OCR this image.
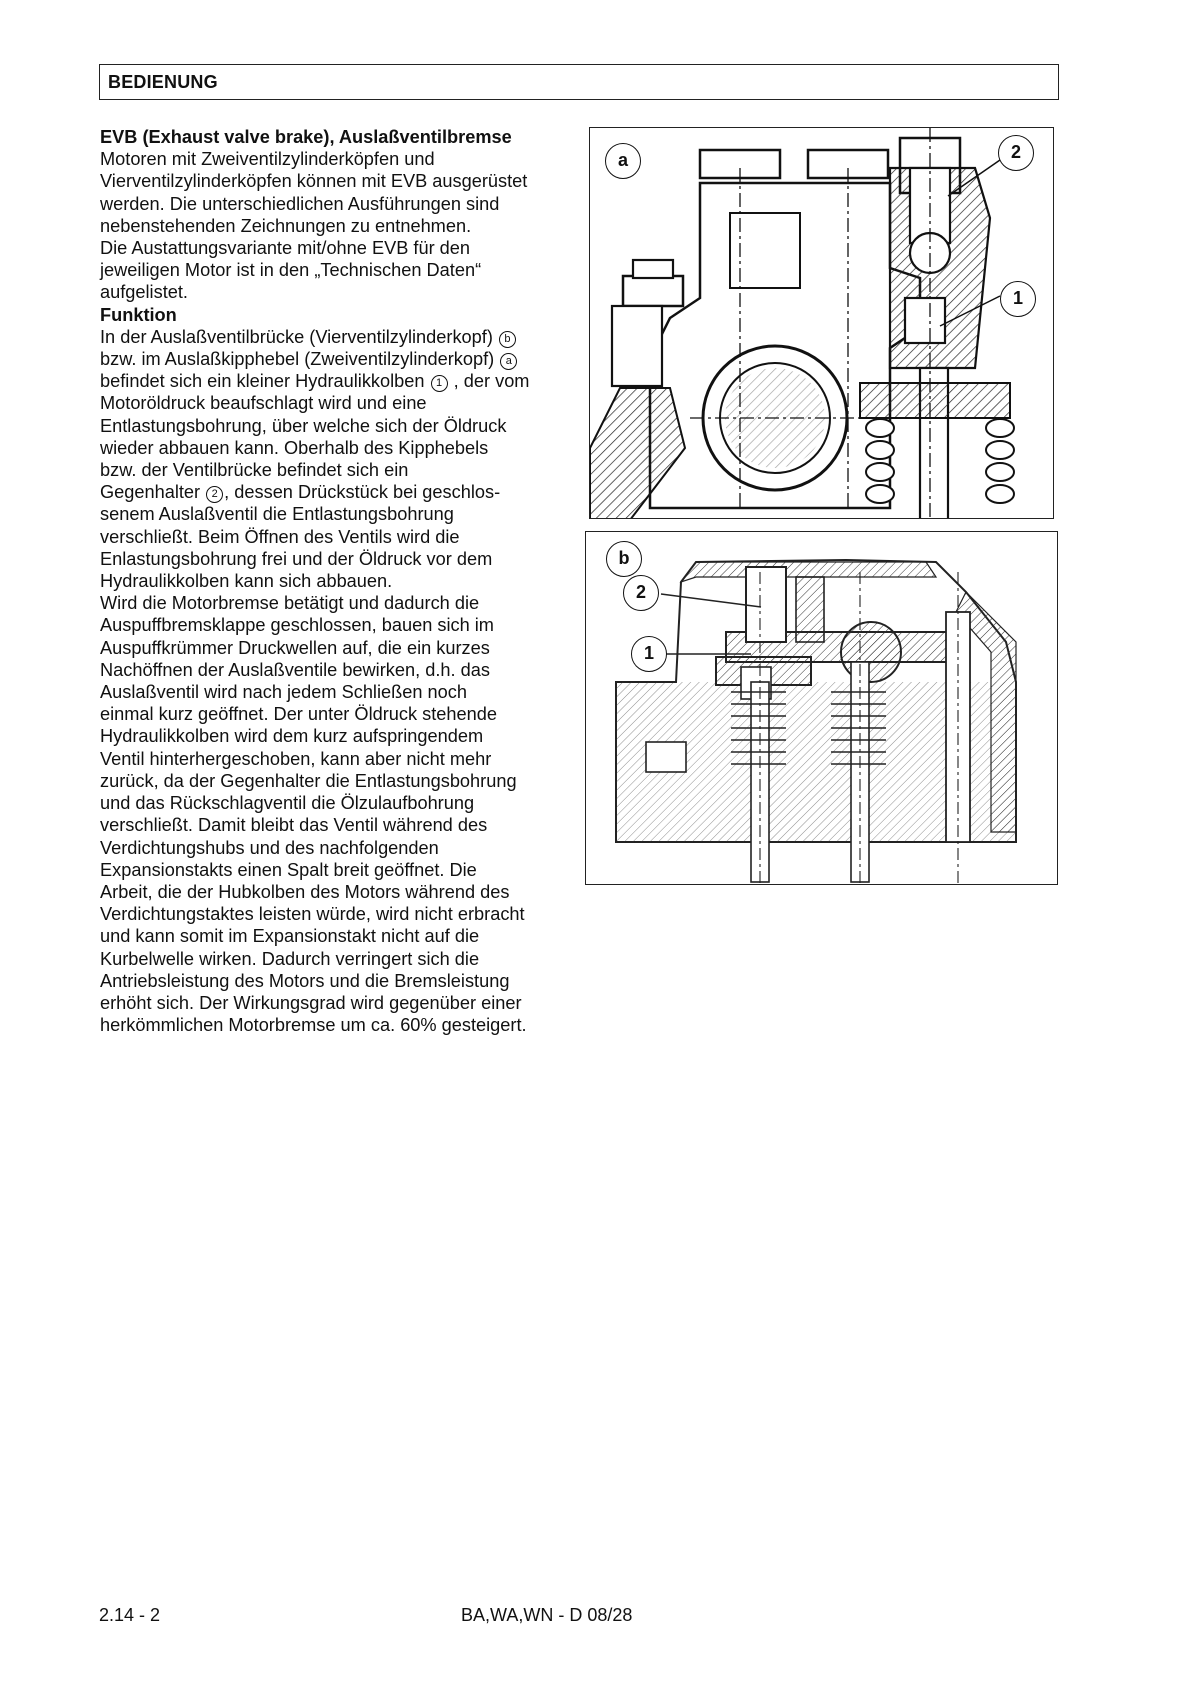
BEDIENUNG

EVB (Exhaust valve brake), Auslaßventilbremse

Motoren mit Zweiventilzylinderköpfen und

Vierventilzylinderköpfen können mit EVB ausgerüstet

werden. Die unterschiedlichen Ausführungen sind

nebenstehenden Zeichnungen zu entnehmen.

Die Austattungsvariante mit/ohne EVB für den

jeweiligen Motor ist in den „Technischen Daten“

aufgelistet.

Funktion

In der Auslaßventilbrücke (Vierventilzylinderkopf) b

bzw. im Auslaßkipphebel (Zweiventilzylinderkopf) a

befindet sich ein kleiner Hydraulikkolben 1 , der vom

Motoröldruck beaufschlagt wird und eine

Entlastungsbohrung, über welche sich der Öldruck

wieder abbauen kann. Oberhalb des Kipphebels

bzw. der Ventilbrücke befindet sich ein

Gegenhalter 2 , dessen Drückstück bei geschlos-

senem Auslaßventil die Entlastungsbohrung

verschließt. Beim Öffnen des Ventils wird die

Enlastungsbohrung frei und der Öldruck vor dem

Hydraulikkolben kann sich abbauen.

Wird die Motorbremse betätigt und dadurch die

Auspuffbremsklappe geschlossen, bauen sich im

Auspuffkrümmer Druckwellen auf, die ein kurzes

Nachöffnen der Auslaßventile bewirken, d.h. das

Auslaßventil wird nach jedem Schließen noch

einmal kurz geöffnet. Der unter Öldruck stehende

Hydraulikkolben wird dem kurz aufspringendem

Ventil hinterhergeschoben, kann aber nicht mehr

zurück, da der Gegenhalter die Entlastungsbohrung

und das Rückschlagventil die Ölzulaufbohrung

verschließt. Damit bleibt das Ventil während des

Verdichtungshubs und des nachfolgenden

Expansionstakts einen Spalt breit geöffnet. Die

Arbeit, die der Hubkolben des Motors während des

Verdichtungstaktes leisten würde, wird nicht erbracht

und kann somit im Expansionstakt nicht auf die

Kurbelwelle wirken. Dadurch verringert sich die

Antriebsleistung des Motors und die Bremsleistung

erhöht sich. Der Wirkungsgrad wird gegenüber einer

herkömmlichen Motorbremse um ca. 60% gesteigert.

a	2
1
b
2
1
2.14 - 2	BA,WA,WN - D 08/28
